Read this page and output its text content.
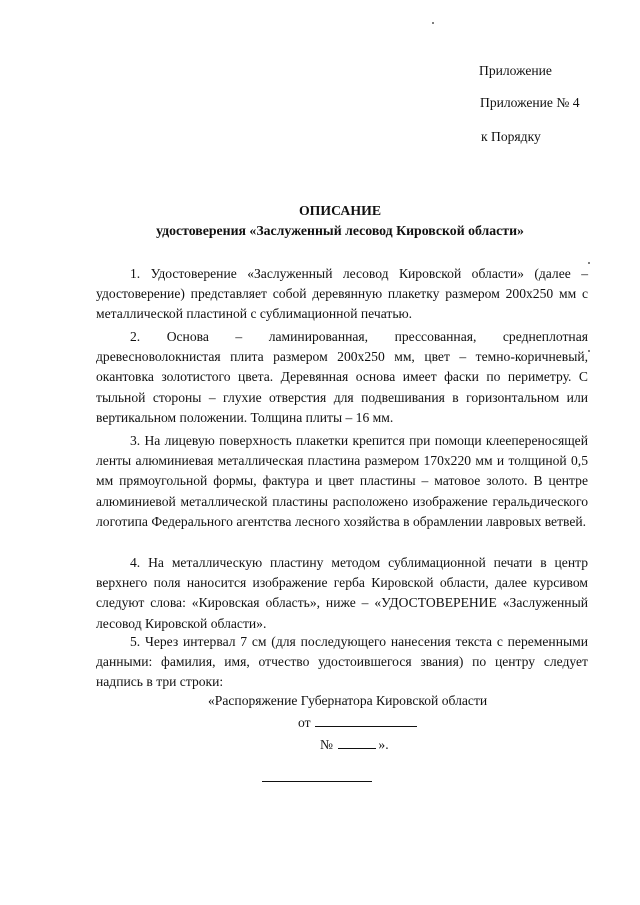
Приложение
Приложение № 4
к Порядку
ОПИСАНИЕ
удостоверения «Заслуженный лесовод Кировской области»

1. Удостоверение «Заслуженный лесовод Кировской области» (далее – удостоверение) представляет собой деревянную плакетку размером 200х250 мм с металлической пластиной с сублимационной печатью.

2. Основа – ламинированная, прессованная, среднеплотная древесноволокнистая плита размером 200х250 мм, цвет – темно-коричневый, окантовка золотистого цвета. Деревянная основа имеет фаски по периметру. С тыльной стороны – глухие отверстия для подвешивания в горизонтальном или вертикальном положении. Толщина плиты – 16 мм.

3. На лицевую поверхность плакетки крепится при помощи клеепереносящей ленты алюминиевая металлическая пластина размером 170х220 мм и толщиной 0,5 мм прямоугольной формы, фактура и цвет пластины – матовое золото. В центре алюминиевой металлической пластины расположено изображение геральдического логотипа Федерального агентства лесного хозяйства в обрамлении лавровых ветвей.

4. На металлическую пластину методом сублимационной печати в центр верхнего поля наносится изображение герба Кировской области, далее курсивом следуют слова: «Кировская область», ниже – «УДОСТОВЕРЕНИЕ «Заслуженный лесовод Кировской области».

5. Через интервал 7 см (для последующего нанесения текста с переменными данными: фамилия, имя, отчество удостоившегося звания) по центру следует надпись в три строки:

«Распоряжение Губернатора Кировской области
от
№	».
